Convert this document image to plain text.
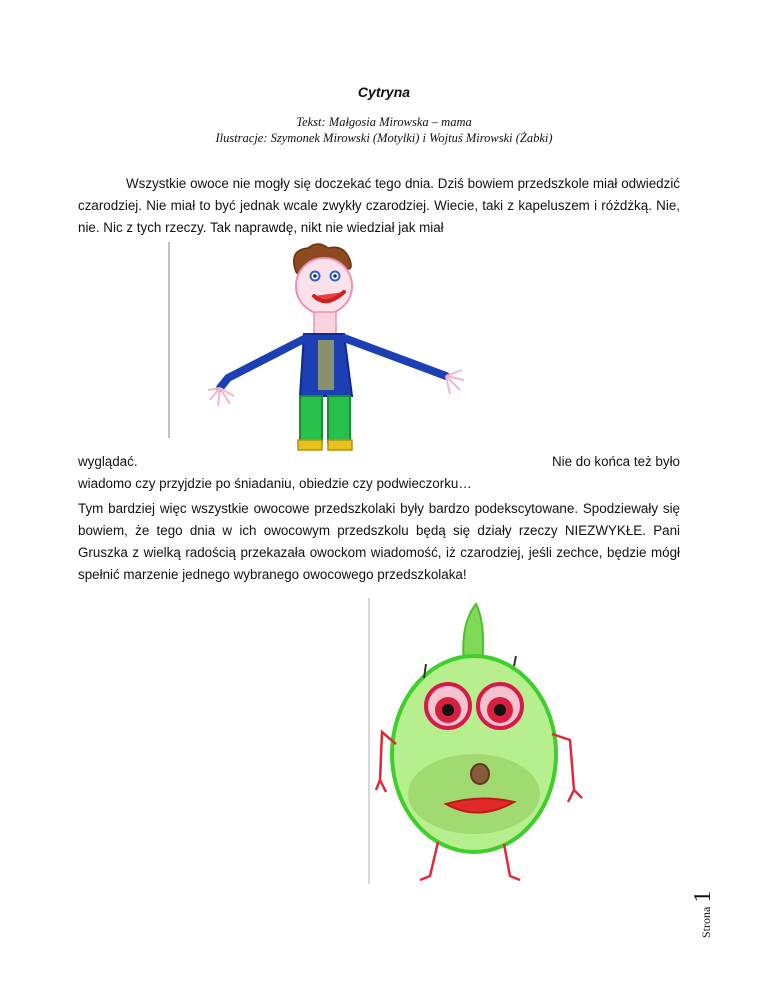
Cytryna
Tekst: Małgosia Mirowska – mama
Ilustracje: Szymonek Mirowski (Motylki) i Wojtuś Mirowski (Żabki)
Wszystkie owoce nie mogły się doczekać tego dnia. Dziś bowiem przedszkole miał odwiedzić czarodziej. Nie miał to być jednak wcale zwykły czarodziej. Wiecie, taki z kapeluszem i różdżką. Nie, nie. Nic z tych rzeczy. Tak naprawdę, nikt nie wiedział jak miał
wyglądać.	Nie do końca też było
wiadomo czy przyjdzie po śniadaniu, obiedzie czy podwieczorku…
Tym bardziej więc wszystkie owocowe przedszkolaki były bardzo podekscytowane. Spodziewały się bowiem, że tego dnia w ich owocowym przedszkolu będą się działy rzeczy NIEZWYKŁE. Pani Gruszka z wielką radością przekazała owockom wiadomość, iż czarodziej, jeśli zechce, będzie mógł spełnić marzenie jednego wybranego owocowego przedszkolaka!
Strona1
